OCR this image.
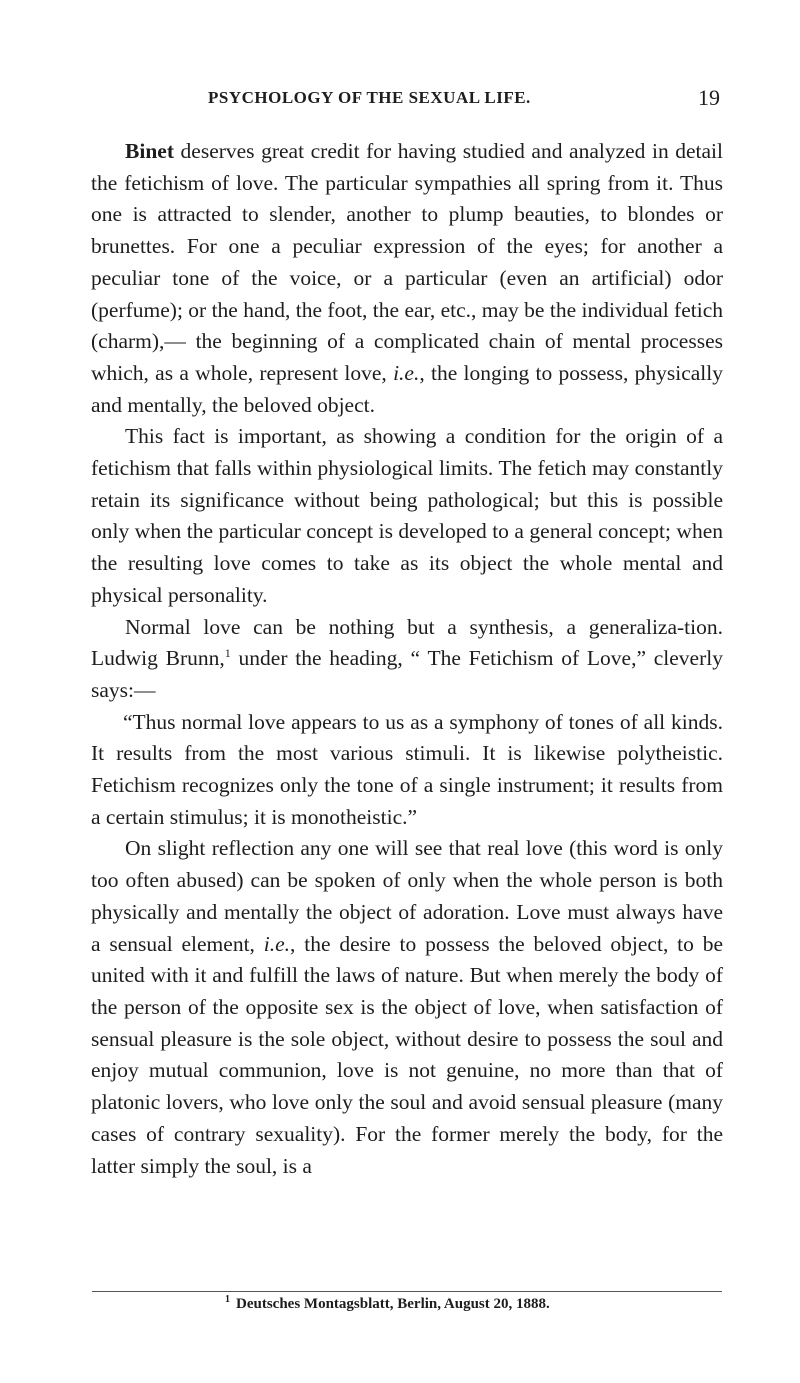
PSYCHOLOGY OF THE SEXUAL LIFE.	19

Binet deserves great credit for having studied and analyzed in detail the fetichism of love. The particular sympathies all spring from it. Thus one is attracted to slender, another to plump beauties, to blondes or brunettes. For one a peculiar expression of the eyes; for another a peculiar tone of the voice, or a particular (even an artificial) odor (perfume); or the hand, the foot, the ear, etc., may be the individual fetich (charm),— the beginning of a complicated chain of mental processes which, as a whole, represent love, i.e., the longing to possess, physically and mentally, the beloved object.

This fact is important, as showing a condition for the origin of a fetichism that falls within physiological limits. The fetich may constantly retain its significance without being pathological; but this is possible only when the particular concept is developed to a general concept; when the resulting love comes to take as its object the whole mental and physical personality.

Normal love can be nothing but a synthesis, a generaliza-tion. Ludwig Brunn,$^1$ under the heading, “ The Fetichism of Love,” cleverly says:—

“Thus normal love appears to us as a symphony of tones of all kinds. It results from the most various stimuli. It is likewise polytheistic. Fetichism recognizes only the tone of a single instrument; it results from a certain stimulus; it is monotheistic.”

On slight reflection any one will see that real love (this word is only too often abused) can be spoken of only when the whole person is both physically and mentally the object of adoration. Love must always have a sensual element, i.e., the desire to possess the beloved object, to be united with it and fulfill the laws of nature. But when merely the body of the person of the opposite sex is the object of love, when satisfaction of sensual pleasure is the sole object, without desire to possess the soul and enjoy mutual communion, love is not genuine, no more than that of platonic lovers, who love only the soul and avoid sensual pleasure (many cases of contrary sexuality). For the former merely the body, for the latter simply the soul, is a

$^1$ Deutsches Montagsblatt, Berlin, August 20, 1888.
